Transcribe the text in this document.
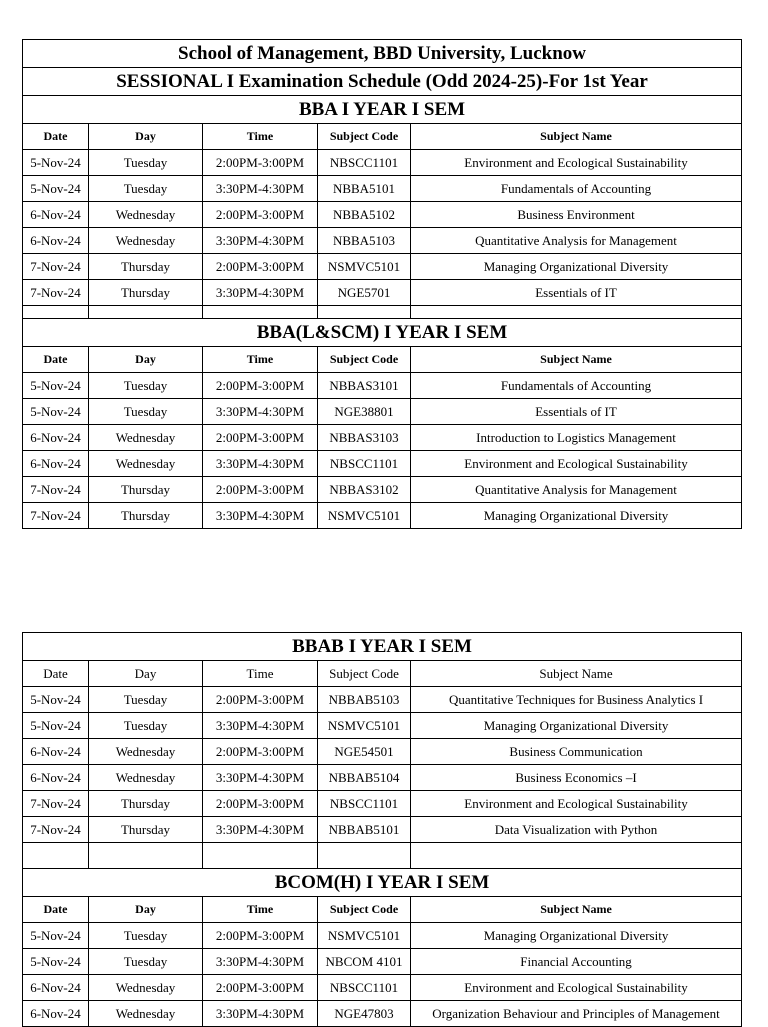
School of Management, BBD University, Lucknow				
SESSIONAL I Examination Schedule (Odd 2024-25)-For 1st Year				
BBA I YEAR I SEM				
Date	Day	Time	Subject Code	Subject Name
5-Nov-24	Tuesday	2:00PM-3:00PM	NBSCC1101	Environment and Ecological Sustainability
5-Nov-24	Tuesday	3:30PM-4:30PM	NBBA5101	Fundamentals of Accounting
6-Nov-24	Wednesday	2:00PM-3:00PM	NBBA5102	Business Environment
6-Nov-24	Wednesday	3:30PM-4:30PM	NBBA5103	Quantitative Analysis for Management
7-Nov-24	Thursday	2:00PM-3:00PM	NSMVC5101	Managing Organizational Diversity
7-Nov-24	Thursday	3:30PM-4:30PM	NGE5701	Essentials of IT

BBA(L&SCM) I YEAR I SEM				
Date	Day	Time	Subject Code	Subject Name
5-Nov-24	Tuesday	2:00PM-3:00PM	NBBAS3101	Fundamentals of Accounting
5-Nov-24	Tuesday	3:30PM-4:30PM	NGE38801	Essentials of IT
6-Nov-24	Wednesday	2:00PM-3:00PM	NBBAS3103	Introduction to Logistics Management
6-Nov-24	Wednesday	3:30PM-4:30PM	NBSCC1101	Environment and Ecological Sustainability
7-Nov-24	Thursday	2:00PM-3:00PM	NBBAS3102	Quantitative Analysis for Management
7-Nov-24	Thursday	3:30PM-4:30PM	NSMVC5101	Managing Organizational Diversity
BBAB I YEAR I SEM				
Date	Day	Time	Subject Code	Subject Name
5-Nov-24	Tuesday	2:00PM-3:00PM	NBBAB5103	Quantitative Techniques for Business Analytics I
5-Nov-24	Tuesday	3:30PM-4:30PM	NSMVC5101	Managing Organizational Diversity
6-Nov-24	Wednesday	2:00PM-3:00PM	NGE54501	Business Communication
6-Nov-24	Wednesday	3:30PM-4:30PM	NBBAB5104	Business Economics –I
7-Nov-24	Thursday	2:00PM-3:00PM	NBSCC1101	Environment and Ecological Sustainability
7-Nov-24	Thursday	3:30PM-4:30PM	NBBAB5101	Data Visualization with Python

BCOM(H) I YEAR I SEM				
Date	Day	Time	Subject Code	Subject Name
5-Nov-24	Tuesday	2:00PM-3:00PM	NSMVC5101	Managing Organizational Diversity
5-Nov-24	Tuesday	3:30PM-4:30PM	NBCOM 4101	Financial Accounting
6-Nov-24	Wednesday	2:00PM-3:00PM	NBSCC1101	Environment and Ecological Sustainability
6-Nov-24	Wednesday	3:30PM-4:30PM	NGE47803	Organization Behaviour and Principles of Management
